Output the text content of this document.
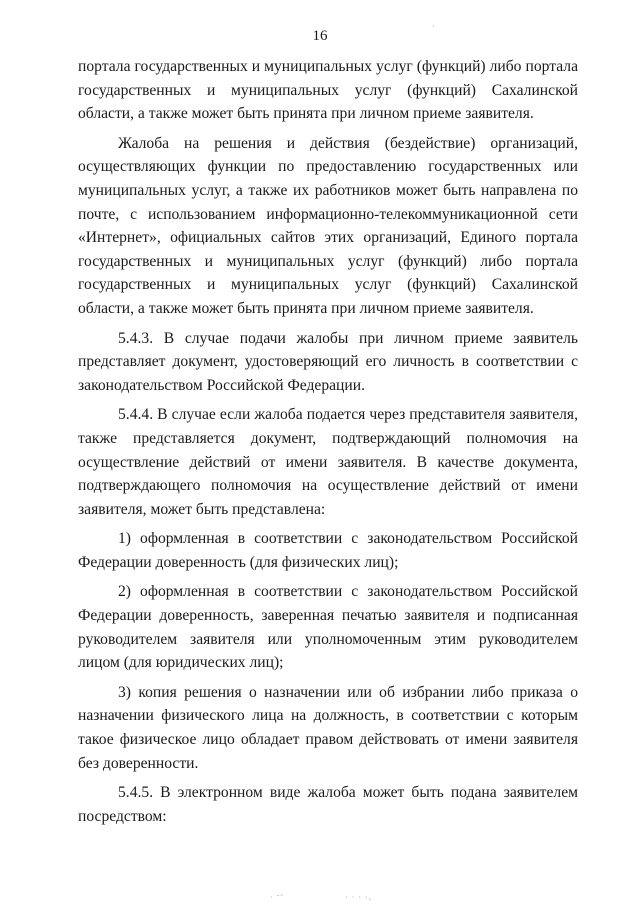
16

портала государственных и муниципальных услуг (функций) либо портала государственных и муниципальных услуг (функций) Сахалинской области, а также может быть принята при личном приеме заявителя.

Жалоба на решения и действия (бездействие) организаций, осуществляющих функции по предоставлению государственных или муниципальных услуг, а также их работников может быть направлена по почте, с использованием информационно-телекоммуникационной сети «Интернет», официальных сайтов этих организаций, Единого портала государственных и муниципальных услуг (функций) либо портала государственных и муниципальных услуг (функций) Сахалинской области, а также может быть принята при личном приеме заявителя.

5.4.3. В случае подачи жалобы при личном приеме заявитель представляет документ, удостоверяющий его личность в соответствии с законодательством Российской Федерации.

5.4.4. В случае если жалоба подается через представителя заявителя, также представляется документ, подтверждающий полномочия на осуществление действий от имени заявителя. В качестве документа, подтверждающего полномочия на осуществление действий от имени заявителя, может быть представлена:

1) оформленная в соответствии с законодательством Российской Федерации доверенность (для физических лиц);

2) оформленная в соответствии с законодательством Российской Федерации доверенность, заверенная печатью заявителя и подписанная руководителем заявителя или уполномоченным этим руководителем лицом (для юридических лиц);

3) копия решения о назначении или об избрании либо приказа о назначении физического лица на должность, в соответствии с которым такое физическое лицо обладает правом действовать от имени заявителя без доверенности.

5.4.5. В электронном виде жалоба может быть подана заявителем посредством:

·
· ˉ˜	· · · ·ᵥ
